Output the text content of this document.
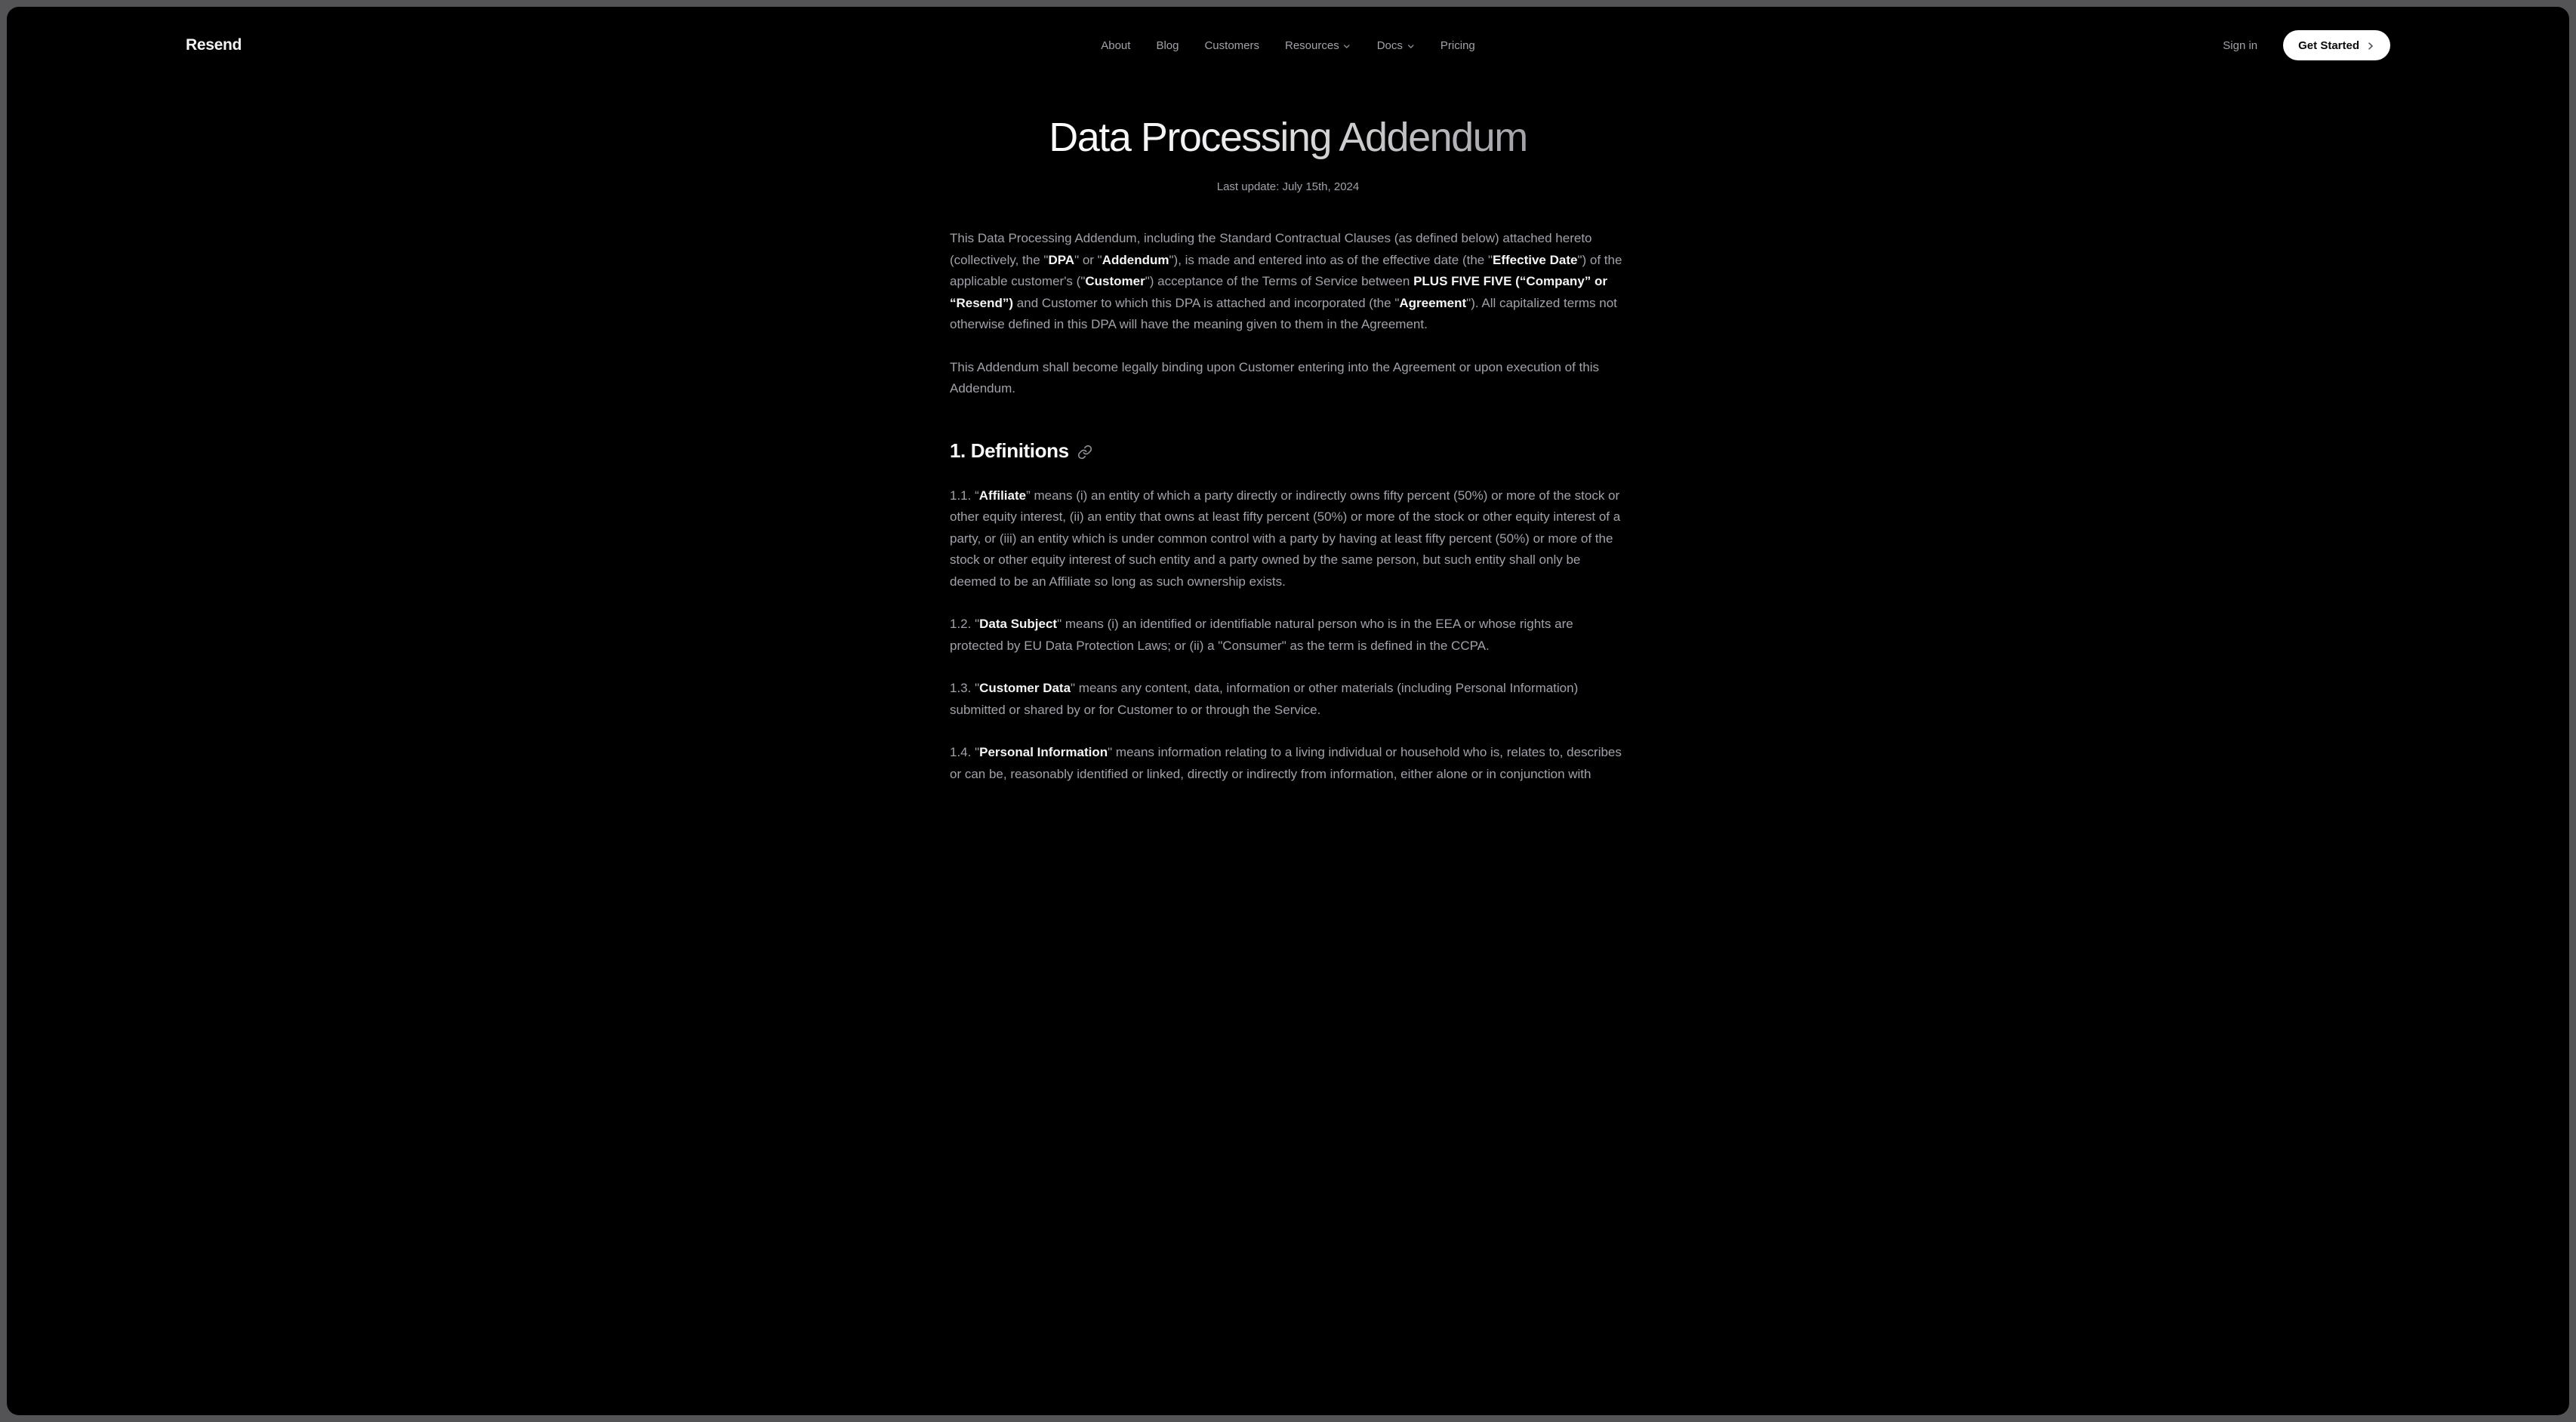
Resend	About Blog Customers Resources	Docs	Pricing	Sign in	Get Started
Data Processing Addendum

Last update: July 15th, 2024

This Data Processing Addendum, including the Standard Contractual Clauses (as defined below) attached hereto (collectively, the "DPA" or "Addendum"), is made and entered into as of the effective date (the "Effective Date") of the applicable customer's ("Customer") acceptance of the Terms of Service between PLUS FIVE FIVE (“Company” or “Resend”) and Customer to which this DPA is attached and incorporated (the "Agreement"). All capitalized terms not otherwise defined in this DPA will have the meaning given to them in the Agreement.

This Addendum shall become legally binding upon Customer entering into the Agreement or upon execution of this Addendum.

1. Definitions

1.1. “Affiliate” means (i) an entity of which a party directly or indirectly owns fifty percent (50%) or more of the stock or other equity interest, (ii) an entity that owns at least fifty percent (50%) or more of the stock or other equity interest of a party, or (iii) an entity which is under common control with a party by having at least fifty percent (50%) or more of the stock or other equity interest of such entity and a party owned by the same person, but such entity shall only be deemed to be an Affiliate so long as such ownership exists.

1.2. "Data Subject" means (i) an identified or identifiable natural person who is in the EEA or whose rights are protected by EU Data Protection Laws; or (ii) a "Consumer" as the term is defined in the CCPA.

1.3. "Customer Data" means any content, data, information or other materials (including Personal Information) submitted or shared by or for Customer to or through the Service.

1.4. "Personal Information" means information relating to a living individual or household who is, relates to, describes or can be, reasonably identified or linked, directly or indirectly from information, either alone or in conjunction with
